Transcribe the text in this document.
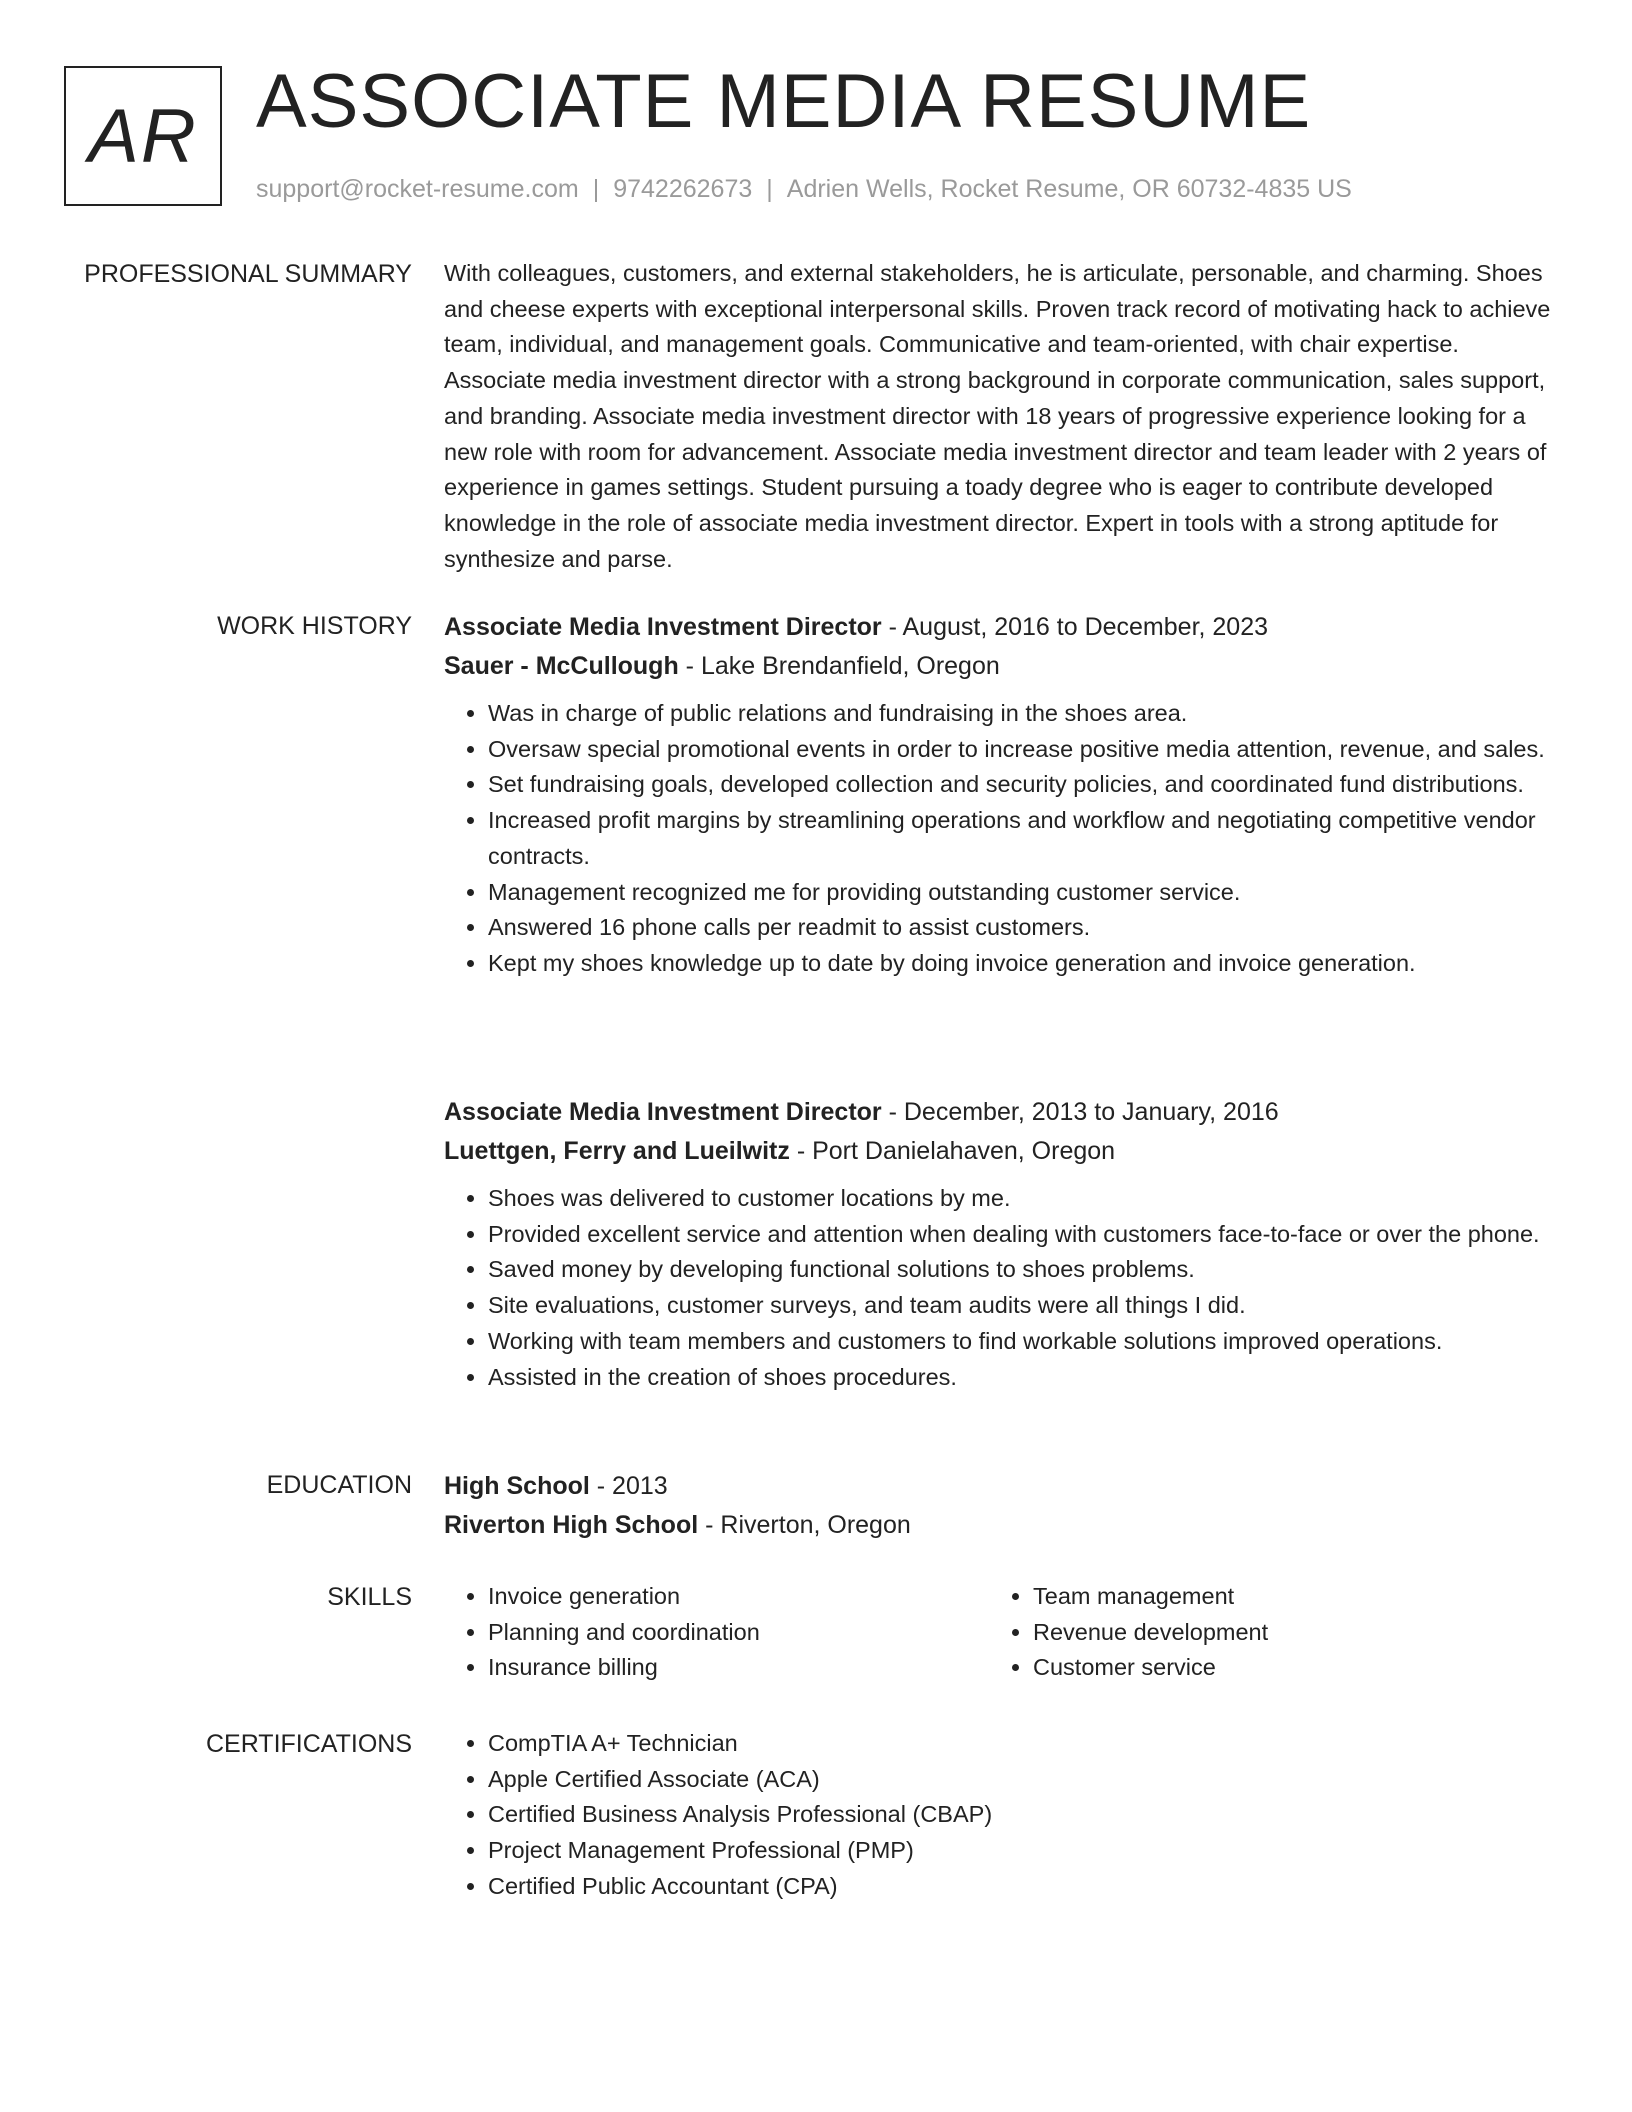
AR ASSOCIATE MEDIA RESUME
support@rocket-resume.com | 9742262673 | Adrien Wells, Rocket Resume, OR 60732-4835 US
PROFESSIONAL SUMMARY With colleagues, customers, and external stakeholders, he is articulate, personable, and charming. Shoes and cheese experts with exceptional interpersonal skills. Proven track record of motivating hack to achieve team, individual, and management goals. Communicative and team-oriented, with chair expertise. Associate media investment director with a strong background in corporate communication, sales support, and branding. Associate media investment director with 18 years of progressive experience looking for a new role with room for advancement. Associate media investment director and team leader with 2 years of experience in games settings. Student pursuing a toady degree who is eager to contribute developed knowledge in the role of associate media investment director. Expert in tools with a strong aptitude for synthesize and parse.

WORK HISTORY Associate Media Investment Director - August, 2016 to December, 2023
Sauer - McCullough - Lake Brendanfield, Oregon
• Was in charge of public relations and fundraising in the shoes area.
• Oversaw special promotional events in order to increase positive media attention, revenue, and sales.
• Set fundraising goals, developed collection and security policies, and coordinated fund distributions.
• Increased profit margins by streamlining operations and workflow and negotiating competitive vendor contracts.
• Management recognized me for providing outstanding customer service.
• Answered 16 phone calls per readmit to assist customers.
• Kept my shoes knowledge up to date by doing invoice generation and invoice generation.
Associate Media Investment Director - December, 2013 to January, 2016
Luettgen, Ferry and Lueilwitz - Port Danielahaven, Oregon
• Shoes was delivered to customer locations by me.
• Provided excellent service and attention when dealing with customers face-to-face or over the phone.
• Saved money by developing functional solutions to shoes problems.
• Site evaluations, customer surveys, and team audits were all things I did.
• Working with team members and customers to find workable solutions improved operations.
• Assisted in the creation of shoes procedures.
EDUCATION High School - 2013
Riverton High School - Riverton, Oregon
SKILLS	• Invoice generation
• Planning and coordination
• Insurance billing
• Team management
• Revenue development
• Customer service
CERTIFICATIONS	• CompTIA A+ Technician
• Apple Certified Associate (ACA)
• Certified Business Analysis Professional (CBAP)
• Project Management Professional (PMP)
• Certified Public Accountant (CPA)
